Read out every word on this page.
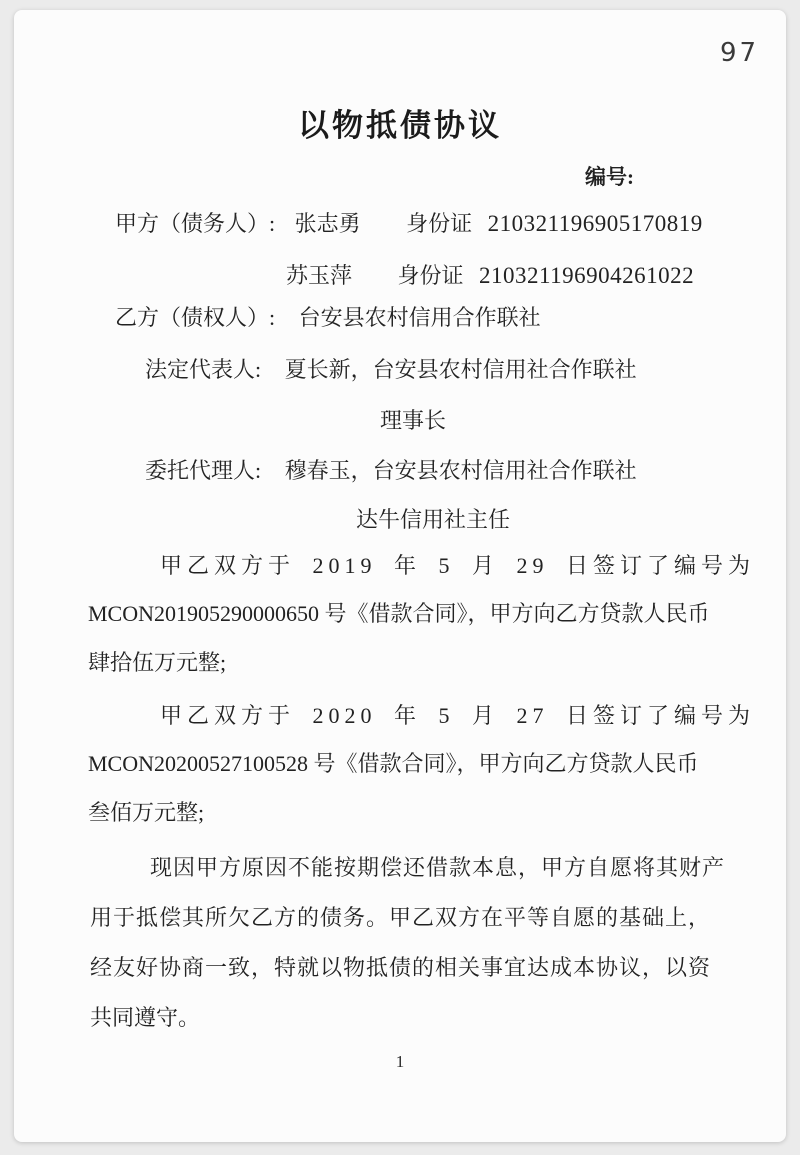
97
以物抵债协议
编号:
甲方（债务人）: 张志勇 身份证 210321196905170819
苏玉萍 身份证 210321196904261022
乙方（债权人）: 台安县农村信用合作联社
法定代表人: 夏长新，台安县农村信用社合作联社
理事长
委托代理人: 穆春玉，台安县农村信用社合作联社
达牛信用社主任
甲乙双方于 2019 年 5 月 29 日签订了编号为
MCON201905290000650 号《借款合同》，甲方向乙方贷款人民币
肆拾伍万元整;
甲乙双方于 2020 年 5 月 27 日签订了编号为
MCON20200527100528 号《借款合同》，甲方向乙方贷款人民币
叁佰万元整;
现因甲方原因不能按期偿还借款本息，甲方自愿将其财产
用于抵偿其所欠乙方的债务。甲乙双方在平等自愿的基础上，
经友好协商一致，特就以物抵债的相关事宜达成本协议，以资
共同遵守。
1
